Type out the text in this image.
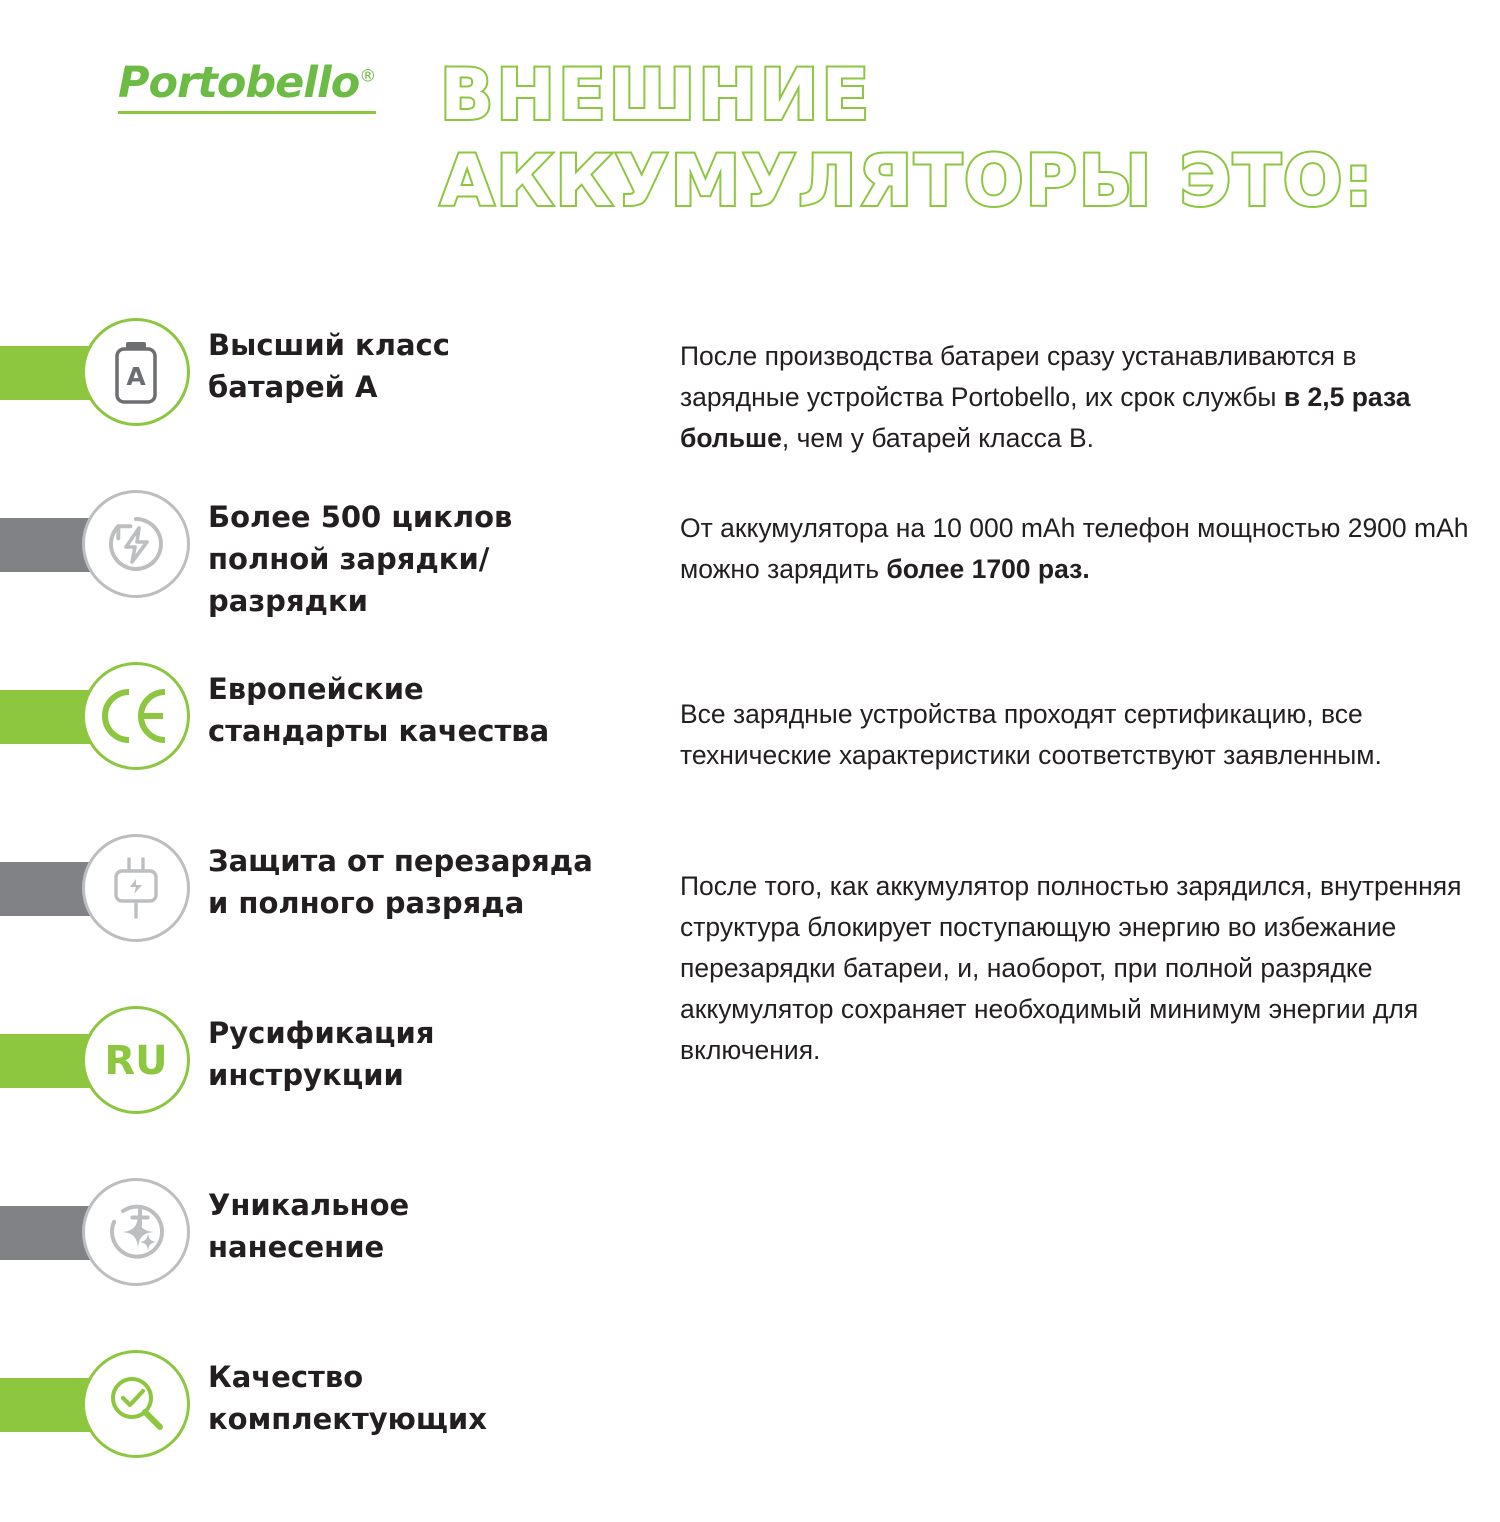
Portobello® ВНЕШНИЕ
АККУМУЛЯТОРЫ ЭТО:
A
Высший класс
батарей A
Более 500 циклов
полной зарядки/
разрядки
Европейские
стандарты качества
Защита от перезаряда
и полного разряда
RU
Русификация
инструкции
Уникальное
нанесение
Качество
комплектующих
После производства батареи сразу устанавливаются в зарядные устройства Portobello, их срок службы в 2,5 раза больше, чем у батарей класса B.
От аккумулятора на 10 000 mAh телефон мощностью 2900 mAh можно зарядить более 1700 раз.
Все зарядные устройства проходят сертификацию, все технические характеристики соответствуют заявленным.
После того, как аккумулятор полностью зарядился, внутренняя структура блокирует поступающую энергию во избежание перезарядки батареи, и, наоборот, при полной разрядке аккумулятор сохраняет необходимый минимум энергии для включения.
